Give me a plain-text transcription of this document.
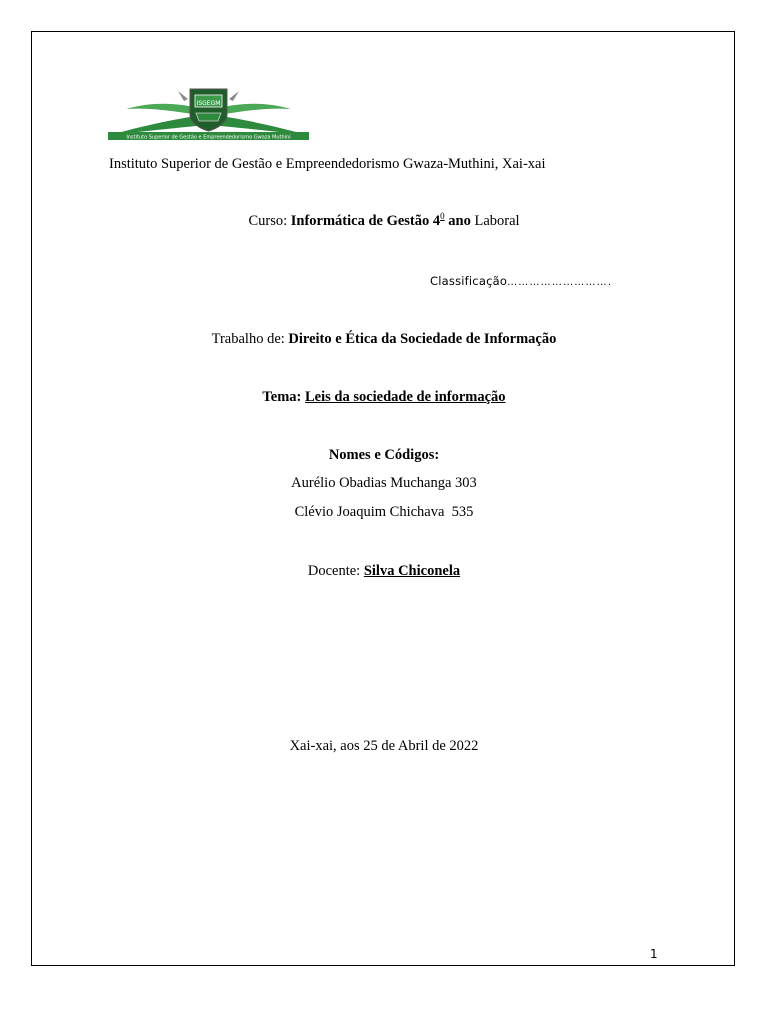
ISGEGM
Instituto Superior de Gestão e Empreendedorismo Gwaza Muthini
Instituto Superior de Gestão e Empreendedorismo Gwaza-Muthini, Xai-xai
Curso: Informática de Gestão $4^0$ ano Laboral
Classificação……………………….
Trabalho de: Direito e Ética da Sociedade de Informação
Tema: Leis da sociedade de informação
Nomes e Códigos:
Aurélio Obadias Muchanga 303
Clévio Joaquim Chichava  535
Docente: Silva Chiconela
Xai-xai, aos 25 de Abril de 2022
1
